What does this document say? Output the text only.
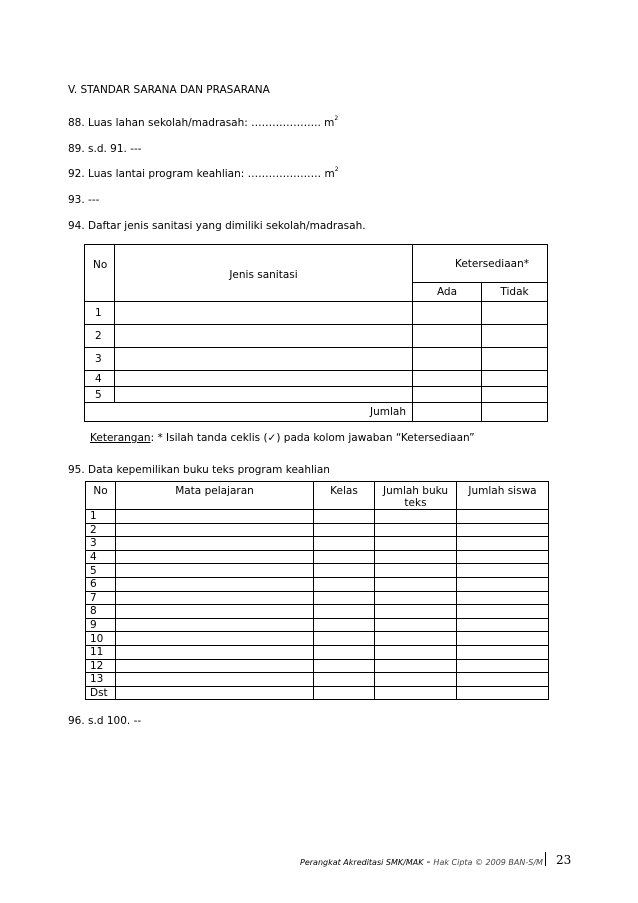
V. STANDAR SARANA DAN PRASARANA
88. Luas lahan sekolah/madrasah: ……………….. $m^2$
89. s.d. 91. ---
92. Luas lantai program keahlian: ………………… $m^2$
93. ---
94. Daftar jenis sanitasi yang dimiliki sekolah/madrasah.
No	Jenis sanitasi	Ketersediaan*	
		Ada	Tidak
1			
2			
3			
4			
5			
Jumlah			
Keterangan: * Isilah tanda ceklis (✓) pada kolom jawaban “Ketersediaan”
95. Data kepemilikan buku teks program keahlian
No	Mata pelajaran	Kelas	Jumlah buku teks	Jumlah siswa
1				
2				
3				
4				
5				
6				
7				
8				
9				
10				
11				
12				
13				
Dst				
96. s.d 100. --
Perangkat Akreditasi SMK/MAK - Hak Cipta © 2009 BAN-S/M 23
